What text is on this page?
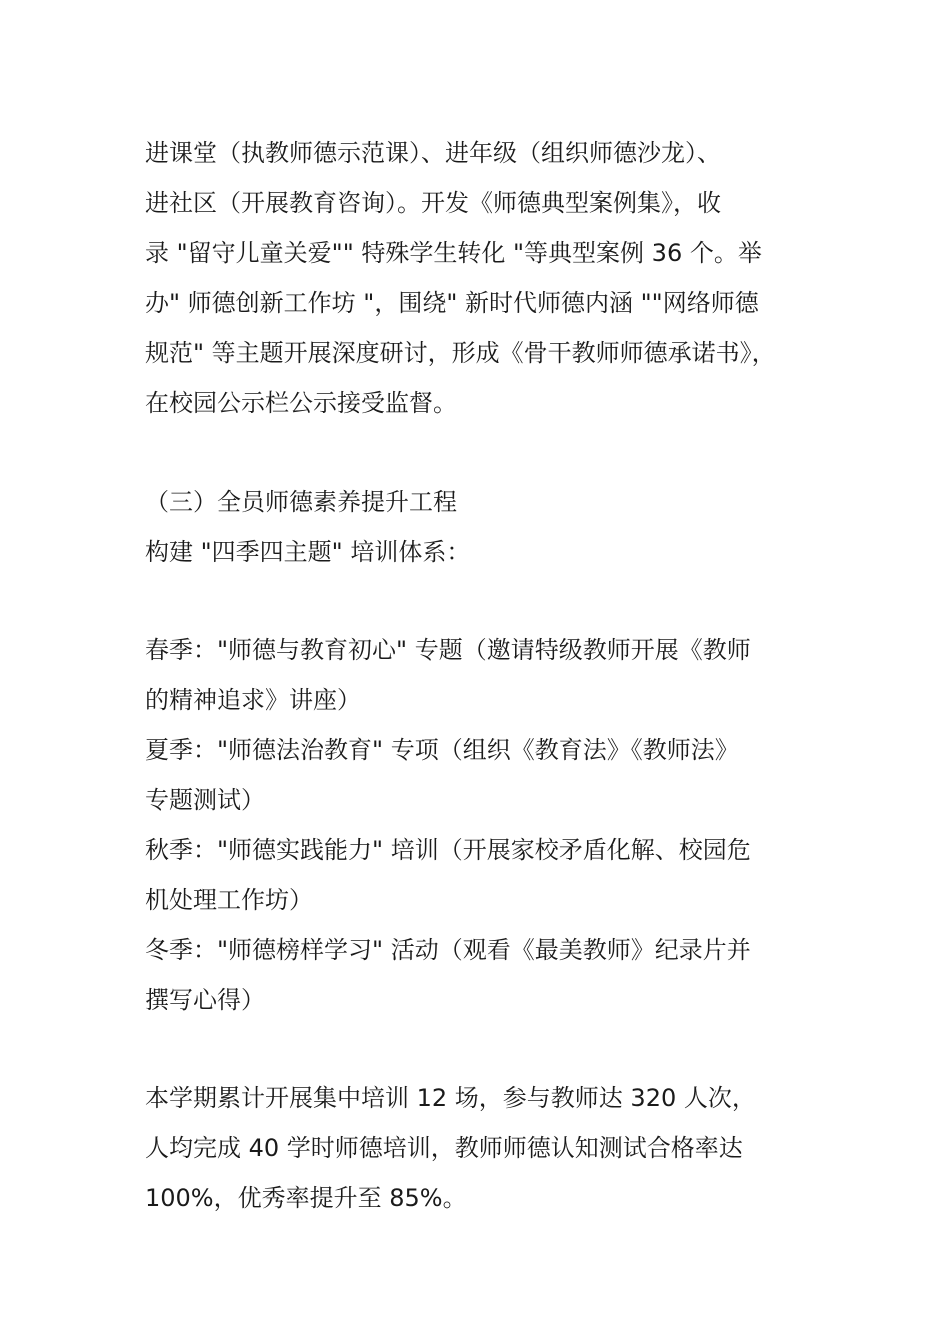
进课堂（执教师德示范课）、进年级（组织师德沙龙）、
进社区（开展教育咨询）。开发《师德典型案例集》，收
录 "留守儿童关爱"" 特殊学生转化 "等典型案例 36 个。举
办" 师德创新工作坊 "，围绕" 新时代师德内涵 ""网络师德
规范" 等主题开展深度研讨，形成《骨干教师师德承诺书》，
在校园公示栏公示接受监督。
（三）全员师德素养提升工程
构建 "四季四主题" 培训体系：
春季："师德与教育初心" 专题（邀请特级教师开展《教师
的精神追求》讲座）
夏季："师德法治教育" 专项（组织《教育法》《教师法》
专题测试）
秋季："师德实践能力" 培训（开展家校矛盾化解、校园危
机处理工作坊）
冬季："师德榜样学习" 活动（观看《最美教师》纪录片并
撰写心得）
本学期累计开展集中培训 12 场，参与教师达 320 人次，
人均完成 40 学时师德培训，教师师德认知测试合格率达
100%，优秀率提升至 85%。
